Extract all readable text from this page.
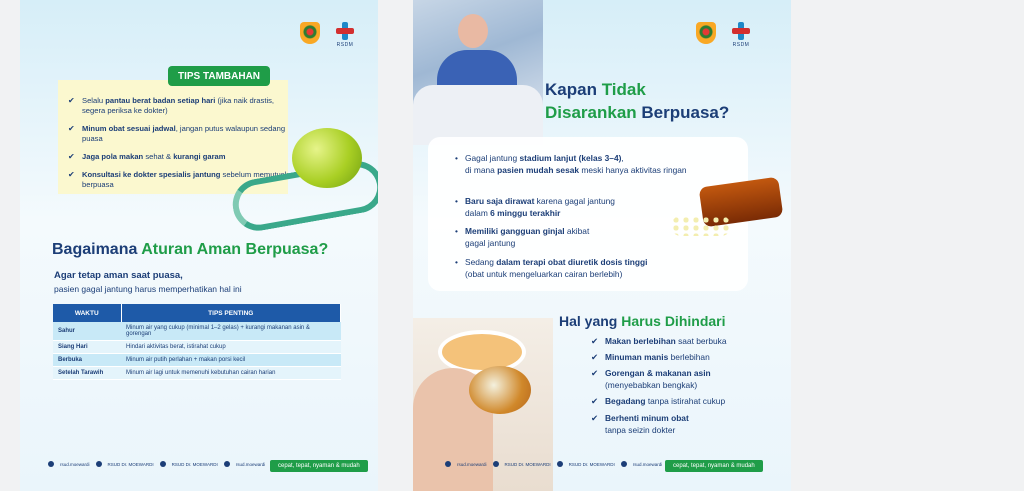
RSDM
TIPS TAMBAHAN
✔ Selalu pantau berat badan setiap hari (jika naik drastis, segera periksa ke dokter)
✔ Minum obat sesuai jadwal, jangan putus walaupun sedang puasa
✔ Jaga pola makan sehat & kurangi garam
✔ Konsultasi ke dokter spesialis jantung sebelum memutuskan berpuasa
Bagaimana Aturan Aman Berpuasa?
Agar tetap aman saat puasa,
pasien gagal jantung harus memperhatikan hal ini
WAKTU	TIPS PENTING
Sahur	Minum air yang cukup (minimal 1–2 gelas) + kurangi makanan asin & gorengan
Siang Hari	Hindari aktivitas berat, istirahat cukup
Berbuka	Minum air putih perlahan + makan porsi kecil
Setelah Tarawih	Minum air lagi untuk memenuhi kebutuhan cairan harian
rsud.moewardi	RSUD Dr. MOEWARDI	RSUD Dr. MOEWARDI	rsud.moewardi	cepat, tepat, nyaman & mudah
RSDM
Kapan Tidak
Disarankan Berpuasa?
• Gagal jantung stadium lanjut (kelas 3–4),
di mana pasien mudah sesak meski hanya aktivitas ringan
• Baru saja dirawat karena gagal jantung
dalam 6 minggu terakhir
• Memiliki gangguan ginjal akibat
gagal jantung
• Sedang dalam terapi obat diuretik dosis tinggi
(obat untuk mengeluarkan cairan berlebih)
Hal yang Harus Dihindari
✔ Makan berlebihan saat berbuka
✔ Minuman manis berlebihan
✔ Gorengan & makanan asin
(menyebabkan bengkak)
✔ Begadang tanpa istirahat cukup
✔ Berhenti minum obat
tanpa seizin dokter
rsud.moewardi	RSUD Dr. MOEWARDI	RSUD Dr. MOEWARDI	rsud.moewardi	cepat, tepat, nyaman & mudah
